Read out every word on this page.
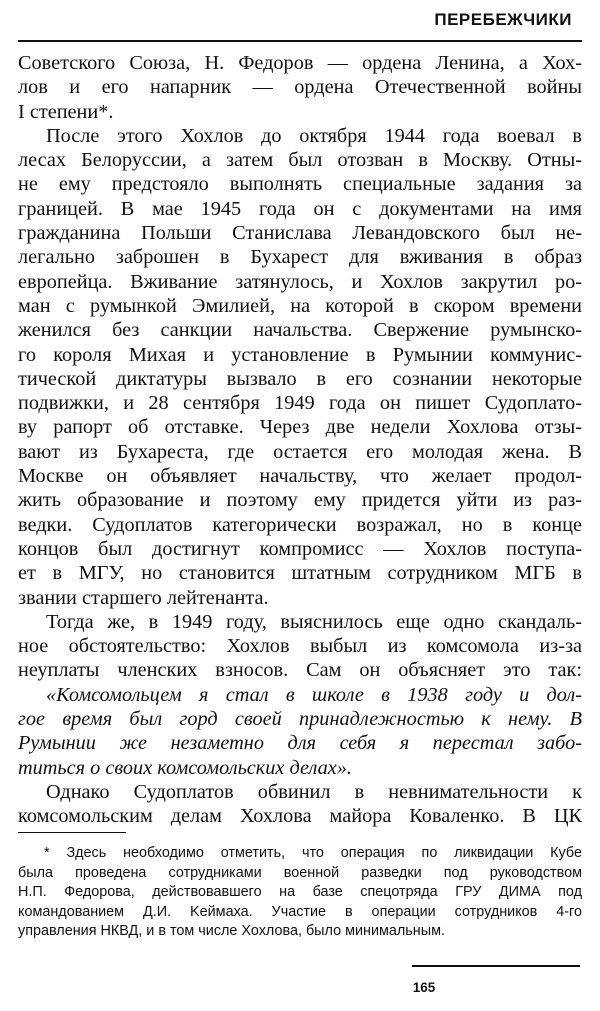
ПЕРЕБЕЖЧИКИ
Советского Союза, Н. Федоров — ордена Ленина, а Хох-
лов и его напарник — ордена Отечественной войны
I степени*.
После этого Хохлов до октября 1944 года воевал в
лесах Белоруссии, а затем был отозван в Москву. Отны-
не ему предстояло выполнять специальные задания за
границей. В мае 1945 года он с документами на имя
гражданина Польши Станислава Левандовского был не-
легально заброшен в Бухарест для вживания в образ
европейца. Вживание затянулось, и Хохлов закрутил ро-
ман с румынкой Эмилией, на которой в скором времени
женился без санкции начальства. Свержение румынско-
го короля Михая и установление в Румынии коммунис-
тической диктатуры вызвало в его сознании некоторые
подвижки, и 28 сентября 1949 года он пишет Судоплато-
ву рапорт об отставке. Через две недели Хохлова отзы-
вают из Бухареста, где остается его молодая жена. В
Москве он объявляет начальству, что желает продол-
жить образование и поэтому ему придется уйти из раз-
ведки. Судоплатов категорически возражал, но в конце
концов был достигнут компромисс — Хохлов поступа-
ет в МГУ, но становится штатным сотрудником МГБ в
звании старшего лейтенанта.
Тогда же, в 1949 году, выяснилось еще одно скандаль-
ное обстоятельство: Хохлов выбыл из комсомола из-за
неуплаты членских взносов. Сам он объясняет это так:
«Комсомольцем я стал в школе в 1938 году и дол-
гое время был горд своей принадлежностью к нему. В
Румынии же незаметно для себя я перестал забо-
титься о своих комсомольских делах».
Однако Судоплатов обвинил в невнимательности к
комсомольским делам Хохлова майора Коваленко. В ЦК
* Здесь необходимо отметить, что операция по ликвидации Кубе
была проведена сотрудниками военной разведки под руководством
Н.П. Федорова, действовавшего на базе спецотряда ГРУ ДИМА под
командованием Д.И. Keймаха. Участие в операции сотрудников 4-го
управления НКВД, и в том числе Хохлова, было минимальным.
165
